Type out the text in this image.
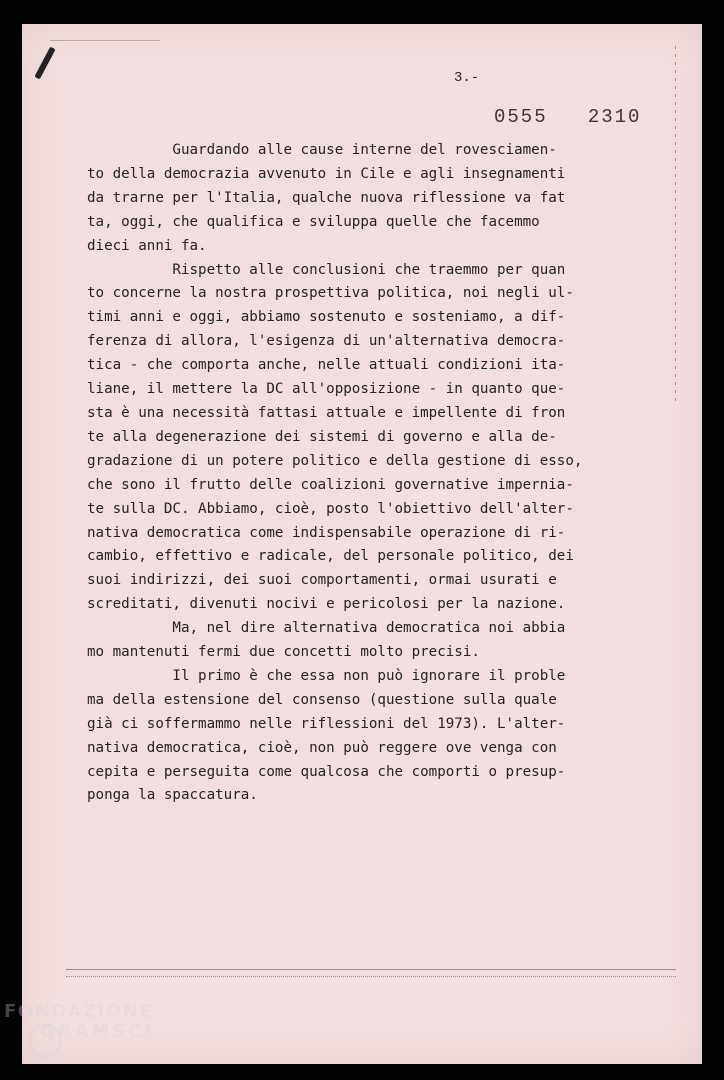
3.-
0555   2310
Guardando alle cause interne del rovesciamen-
to della democrazia avvenuto in Cile e agli insegnamenti
da trarne per l'Italia, qualche nuova riflessione va fat
ta, oggi, che qualifica e sviluppa quelle che facemmo
dieci anni fa.
Rispetto alle conclusioni che traemmo per quan
to concerne la nostra prospettiva politica, noi negli ul-
timi anni e oggi, abbiamo sostenuto e sosteniamo, a dif-
ferenza di allora, l'esigenza di un'alternativa democra-
tica - che comporta anche, nelle attuali condizioni ita-
liane, il mettere la DC all'opposizione - in quanto que-
sta è una necessità fattasi attuale e impellente di fron
te alla degenerazione dei sistemi di governo e alla de-
gradazione di un potere politico e della gestione di esso,
che sono il frutto delle coalizioni governative imperniа-
te sulla DC. Abbiamo, cioè, posto l'obiettivo dell'alter-
nativa democratica come indispensabile operazione di ri-
cambio, effettivo e radicale, del personale politico, dei
suoi indirizzi, dei suoi comportamenti, ormai usurati e
screditati, divenuti nocivi e pericolosi per la nazione.
Ma, nel dire alternativa democratica noi abbia
mo mantenuti fermi due concetti molto precisi.
Il primo è che essa non può ignorare il proble
ma della estensione del consenso (questione sulla quale
già ci soffermammo nelle riflessioni del 1973). L'alter-
nativa democratica, cioè, non può reggere ove venga con
cepita e perseguita come qualcosa che comporti o presup-
ponga la spaccatura.
FONDAZIONE
GRAMSCI
